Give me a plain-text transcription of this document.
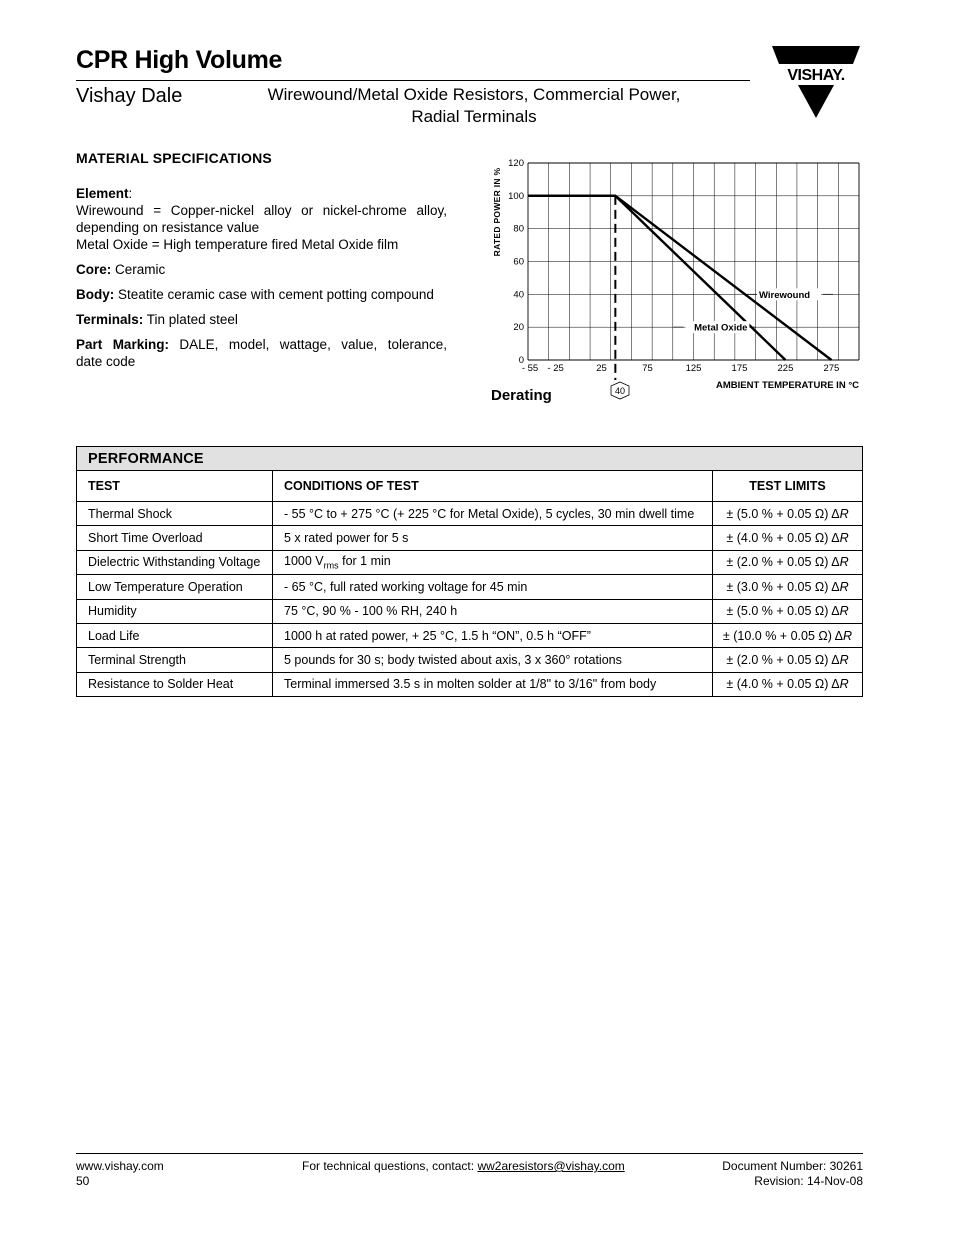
CPR High Volume
Vishay Dale	Wirewound/Metal Oxide Resistors, Commercial Power,
Radial Terminals
VISHAY.
MATERIAL SPECIFICATIONS

Element:

Wirewound = Copper-nickel alloy or nickel-chrome alloy,
depending on resistance value
Metal Oxide = High temperature fired Metal Oxide film

Core: Ceramic

Body: Steatite ceramic case with cement potting compound

Terminals: Tin plated steel

Part Marking: DALE, model, wattage, value, tolerance,
date code	- 55 - 25	25	75	125	175	225	275
0
20
40
60
80
100
120
Wirewound
Metal Oxide
RATED POWER IN %
AMBIENT TEMPERATURE IN °C
Derating	40
PERFORMANCE		
TEST	CONDITIONS OF TEST	TEST LIMITS
Thermal Shock	- 55 °C to + 275 °C (+ 225 °C for Metal Oxide), 5 cycles, 30 min dwell time	± (5.0 % + 0.05 Ω) ΔR
Short Time Overload	5 x rated power for 5 s	± (4.0 % + 0.05 Ω) ΔR
Dielectric Withstanding Voltage	1000 $V_{rms}$ for 1 min	± (2.0 % + 0.05 Ω) ΔR
Low Temperature Operation	- 65 °C, full rated working voltage for 45 min	± (3.0 % + 0.05 Ω) ΔR
Humidity	75 °C, 90 % - 100 % RH, 240 h	± (5.0 % + 0.05 Ω) ΔR
Load Life	1000 h at rated power, + 25 °C, 1.5 h “ON”, 0.5 h “OFF”	± (10.0 % + 0.05 Ω) ΔR
Terminal Strength	5 pounds for 30 s; body twisted about axis, 3 x 360° rotations	± (2.0 % + 0.05 Ω) ΔR
Resistance to Solder Heat	Terminal immersed 3.5 s in molten solder at 1/8" to 3/16" from body	± (4.0 % + 0.05 Ω) ΔR
www.vishay.com
50
For technical questions, contact: ww2aresistors@vishay.com	Document Number: 30261
Revision: 14-Nov-08
